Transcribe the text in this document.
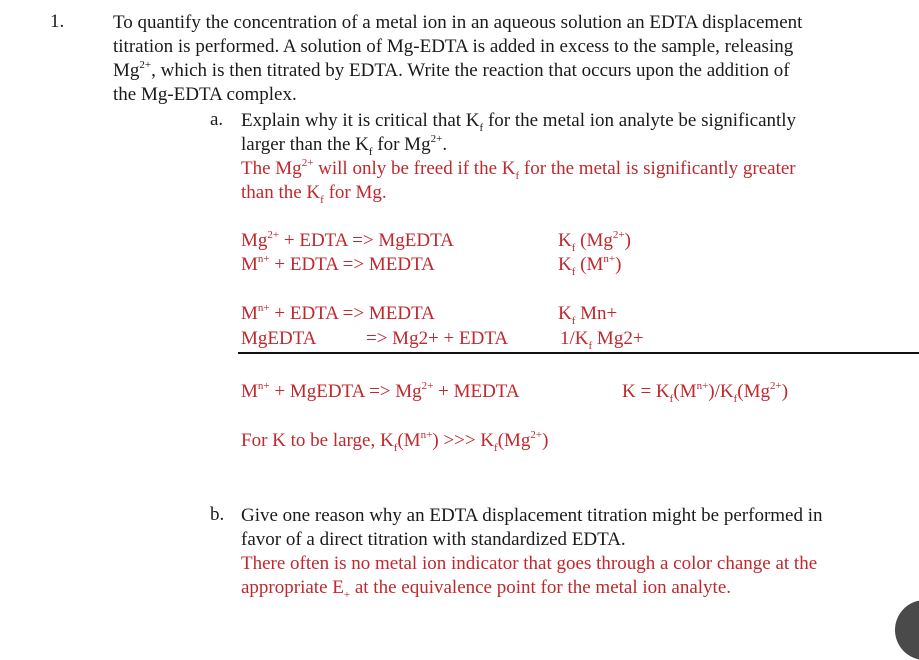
1.	To quantify the concentration of a metal ion in an aqueous solution an EDTA displacement
titration is performed. A solution of Mg-EDTA is added in excess to the sample, releasing
$Mg^{2+}$, which is then titrated by EDTA. Write the reaction that occurs upon the addition of
the Mg-EDTA complex.
a. Explain why it is critical that $K_f$ for the metal ion analyte be significantly
larger than the $K_f$ for $Mg^{2+}$.
The $Mg^{2+}$ will only be freed if the $K_f$ for the metal is significantly greater
than the $K_f$ for Mg.
$Mg^{2+}$ + EDTA => MgEDTA	$K_f$ $(Mg^{2+})$
$M^{n+}$ + EDTA => MEDTA	$K_f$ $(M^{n+})$
$M^{n+}$ + EDTA => MEDTA	$K_f$ Mn+
MgEDTA	=> Mg2+ + EDTA	$1/K_f$ Mg2+
$M^{n+}$ + MgEDTA => $Mg^{2+}$ + MEDTA	$K = K_f(M^{n+})/K_f(Mg^{2+})$
For K to be large, $K_f(M^{n+})$ >>> $K_f(Mg^{2+})$
b. Give one reason why an EDTA displacement titration might be performed in
favor of a direct titration with standardized EDTA.
There often is no metal ion indicator that goes through a color change at the
appropriate $E_+$ at the equivalence point for the metal ion analyte.
